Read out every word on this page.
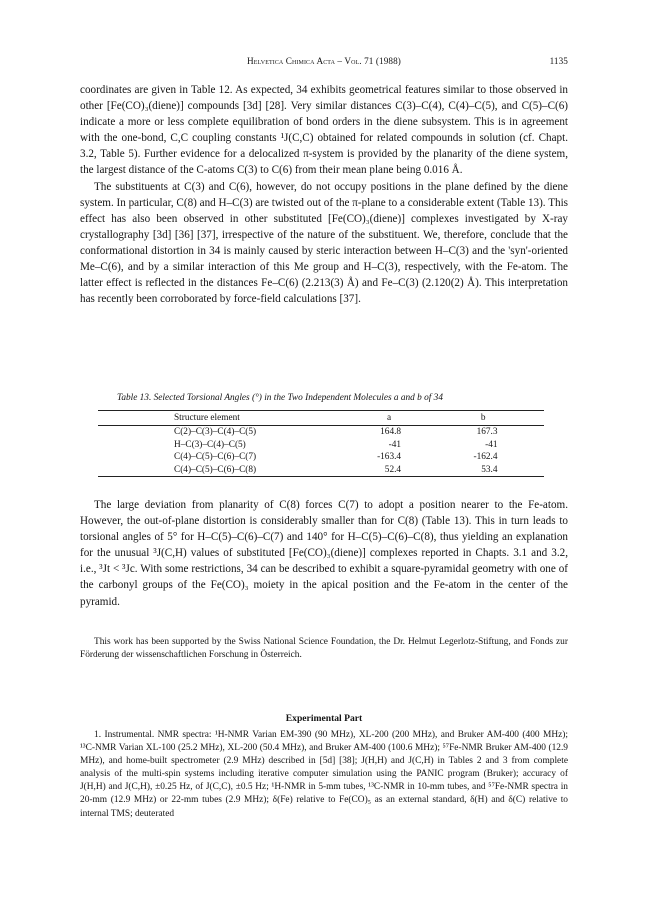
Helvetica Chimica Acta – Vol. 71 (1988)	1135

coordinates are given in Table 12. As expected, 34 exhibits geometrical features similar to those observed in other [Fe(CO)₃(diene)] compounds [3d] [28]. Very similar distances C(3)–C(4), C(4)–C(5), and C(5)–C(6) indicate a more or less complete equilibration of bond orders in the diene subsystem. This is in agreement with the one-bond, C,C coupling constants ¹J(C,C) obtained for related compounds in solution (cf. Chapt. 3.2, Table 5). Further evidence for a delocalized π-system is provided by the planarity of the diene system, the largest distance of the C-atoms C(3) to C(6) from their mean plane being 0.016 Å.

The substituents at C(3) and C(6), however, do not occupy positions in the plane defined by the diene system. In particular, C(8) and H–C(3) are twisted out of the π-plane to a considerable extent (Table 13). This effect has also been observed in other substituted [Fe(CO)₃(diene)] complexes investigated by X-ray crystallography [3d] [36] [37], irrespective of the nature of the substituent. We, therefore, conclude that the conformational distortion in 34 is mainly caused by steric interaction between H–C(3) and the 'syn'-oriented Me–C(6), and by a similar interaction of this Me group and H–C(3), respectively, with the Fe-atom. The latter effect is reflected in the distances Fe–C(6) (2.213(3) Å) and Fe–C(3) (2.120(2) Å). This interpretation has recently been corroborated by force-field calculations [37].

Table 13. Selected Torsional Angles (°) in the Two Independent Molecules a and b of 34
Structure element	a	b	
C(2)–C(3)–C(4)–C(5)	164.8	167.3	
H–C(3)–C(4)–C(5)	-41	-41	
C(4)–C(5)–C(6)–C(7)	-163.4	-162.4	
C(4)–C(5)–C(6)–C(8)	52.4	53.4	

The large deviation from planarity of C(8) forces C(7) to adopt a position nearer to the Fe-atom. However, the out-of-plane distortion is considerably smaller than for C(8) (Table 13). This in turn leads to torsional angles of 5° for H–C(5)–C(6)–C(7) and 140° for H–C(5)–C(6)–C(8), thus yielding an explanation for the unusual ³J(C,H) values of substituted [Fe(CO)₃(diene)] complexes reported in Chapts. 3.1 and 3.2, i.e., ³Jt < ³Jc. With some restrictions, 34 can be described to exhibit a square-pyramidal geometry with one of the carbonyl groups of the Fe(CO)₃ moiety in the apical position and the Fe-atom in the center of the pyramid.

This work has been supported by the Swiss National Science Foundation, the Dr. Helmut Legerlotz-Stiftung, and Fonds zur Förderung der wissenschaftlichen Forschung in Österreich.

Experimental Part

1. Instrumental. NMR spectra: ¹H-NMR Varian EM-390 (90 MHz), XL-200 (200 MHz), and Bruker AM-400 (400 MHz); ¹³C-NMR Varian XL-100 (25.2 MHz), XL-200 (50.4 MHz), and Bruker AM-400 (100.6 MHz); ⁵⁷Fe-NMR Bruker AM-400 (12.9 MHz), and home-built spectrometer (2.9 MHz) described in [5d] [38]; J(H,H) and J(C,H) in Tables 2 and 3 from complete analysis of the multi-spin systems including iterative computer simulation using the PANIC program (Bruker); accuracy of J(H,H) and J(C,H), ±0.25 Hz, of J(C,C), ±0.5 Hz; ¹H-NMR in 5-mm tubes, ¹³C-NMR in 10-mm tubes, and ⁵⁷Fe-NMR spectra in 20-mm (12.9 MHz) or 22-mm tubes (2.9 MHz); δ(Fe) relative to Fe(CO)₅ as an external standard, δ(H) and δ(C) relative to internal TMS; deuterated
